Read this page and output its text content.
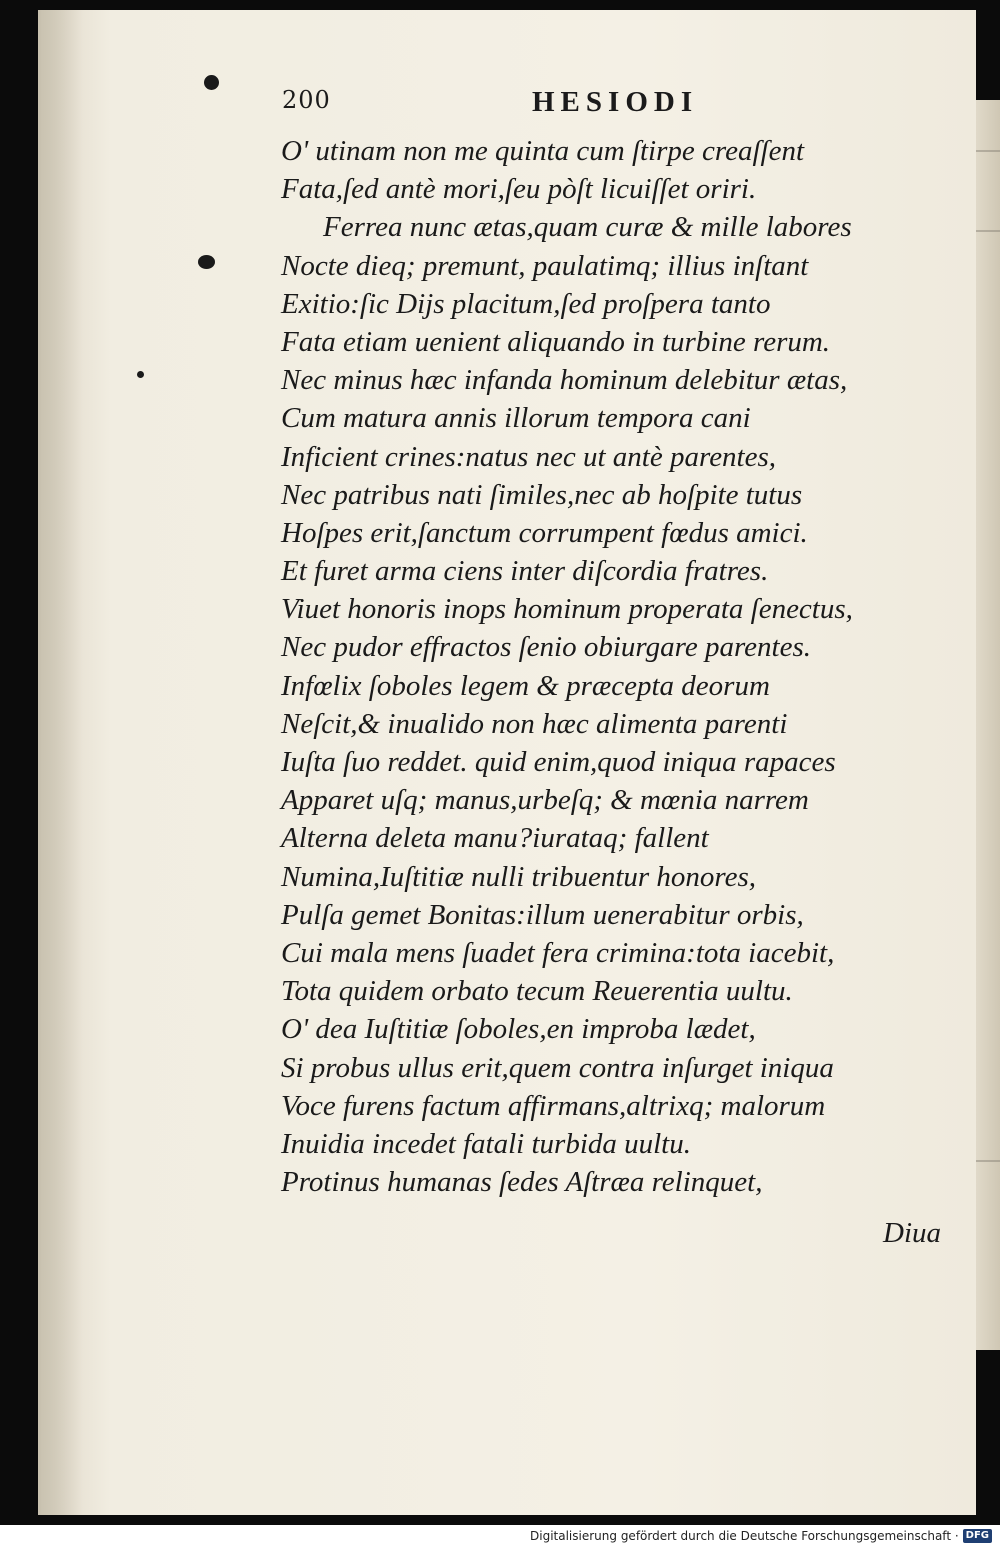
200	HESIODI
O' utinam non me quinta cum ſtirpe creaſſent
Fata,ſed antè mori,ſeu pòſt licuiſſet oriri.
Ferrea nunc ætas,quam curæ & mille labores
Nocte dieq; premunt, paulatimq; illius inſtant
Exitio:ſic Dijs placitum,ſed proſpera tanto
Fata etiam uenient aliquando in turbine rerum.
Nec minus hæc infanda hominum delebitur ætas,
Cum matura annis illorum tempora cani
Inficient crines:natus nec ut antè parentes,
Nec patribus nati ſimiles,nec ab hoſpite tutus
Hoſpes erit,ſanctum corrumpent fœdus amici.
Et furet arma ciens inter diſcordia fratres.
Viuet honoris inops hominum properata ſenectus,
Nec pudor effractos ſenio obiurgare parentes.
Infœlix ſoboles legem & præcepta deorum
Neſcit,& inualido non hæc alimenta parenti
Iuſta ſuo reddet. quid enim,quod iniqua rapaces
Apparet uſq; manus,urbeſq; & mœnia narrem
Alterna deleta manu?iurataq; fallent
Numina,Iuſtitiæ nulli tribuentur honores,
Pulſa gemet Bonitas:illum uenerabitur orbis,
Cui mala mens ſuadet fera crimina:tota iacebit,
Tota quidem orbato tecum Reuerentia uultu.
O' dea Iuſtitiæ ſoboles,en improba lædet,
Si probus ullus erit,quem contra inſurget iniqua
Voce furens factum affirmans,altrixq; malorum
Inuidia incedet fatali turbida uultu.
Protinus humanas ſedes Aſtræa relinquet,
Diua
Digitalisierung gefördert durch die Deutsche Forschungsgemeinschaft · DFG
